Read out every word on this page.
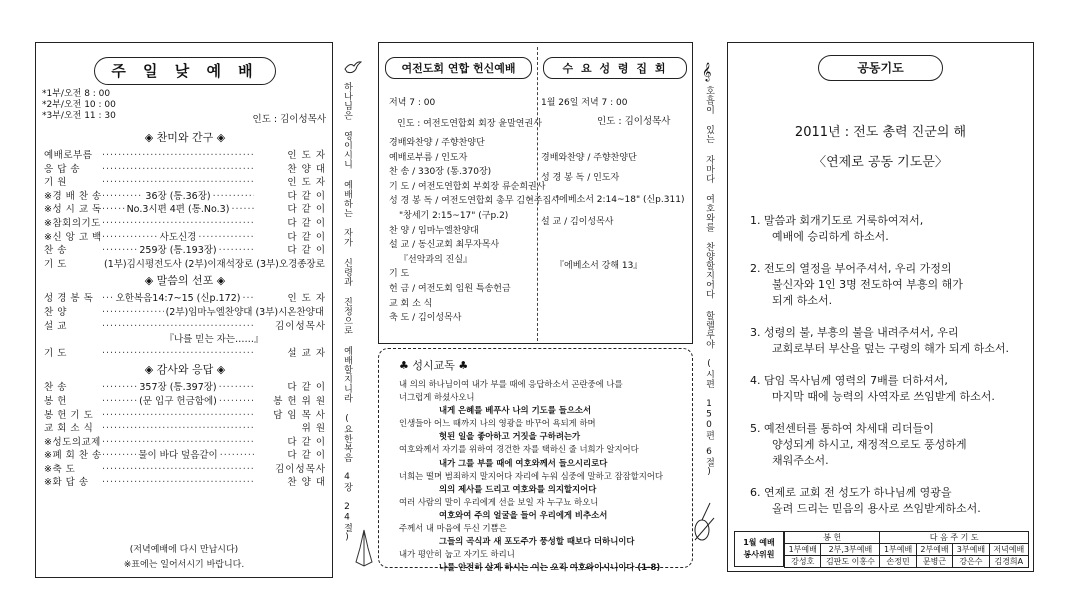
주 일 낮 예 배
*1부/오전 8 : 00
*2부/오전 10 : 00
*3부/오전 11 : 30	인도 : 김이성목사
◈ 찬미와 간구 ◈
예배로부름 ·····	인 도 자
응 답 송 ·····	찬 양 대
기 원 ·····	인 도 자
※경 배 찬 송 ·····	36장 (통.36장) ·····	다 같 이
※성 시 교 독 ·····	No.3시편 4편 (통.No.3) ·····	다 같 이
※참회의기도 ·····	다 같 이
※신 앙 고 백 ·····	사도신경 ·····	다 같 이
찬 송 ·····	259장 (통.193장) ·····	다 같 이
기 도	(1부)김시평전도사 (2부)이재석장로 (3부)오경종장로
◈ 말씀의 선포 ◈
성 경 봉 독 ·····	오한복음14:7~15 (신p.172) ·····	인 도 자
찬 양 ·····	(2부)임마누엘찬양대 (3부)시온찬양대
설 교 ·····	김이성목사
『나를 믿는 자는……』
기 도 ·····	설 교 자
◈ 감사와 응답 ◈
찬 송 ·····	357장 (통.397장) ·····	다 같 이
봉 헌 ·····	(문 입구 헌금함에) ·····	봉 헌 위 원
봉 헌 기 도 ·····	담 임 목 사
교 회 소 식 ·····	위 원
※성도의교제 ·····	다 같 이
※폐 회 찬 송 ·····	물이 바다 덮음같이 ·····	다 같 이
※축 도 ·····	김이성목사
※화 답 송 ·····	찬 양 대
(저녁예배에 다시 만납시다)
※표에는 일어서시기 바랍니다.
하나님은
영이시니
예배하는
자가
신령과
진정으로
예배할지니라
(요한복음
4장
24절)
여전도회 연합 헌신예배	수 요 성 령 집 회
저녁 7 : 00
인도 : 여전도연합회 회장 윤말연권사
경배와찬양 / 주향찬양단
예배로부름 / 인도자
찬 송 / 330장 (통.370장)
기 도 / 여전도연합회 부회장 류순희권사
성 경 봉 독 / 여전도연합회 총무 김현주집사
"창세기 2:15~17" (구p.2)
찬 양 / 임마누엘찬양대
설 교 / 동신교회 최무자목사
『선악과의 진실』
기 도
헌 금 / 여전도회 임원 특송헌금
교 회 소 식
축 도 / 김이성목사
1월 26일 저녁 7 : 00
인도 : 김이성목사
경배와찬양 / 주향찬양단
성 경 봉 독 / 인도자
"에베소서 2:14~18" (신p.311)
설 교 / 김이성목사
『에베소서 강해 13』
♣ 성시교독 ♣
내 의의 하나님이여 내가 부를 때에 응답하소서 곤란중에 나를
너그럽게 하셨사오니
내게 은혜를 베푸사 나의 기도를 들으소서
인생들아 어느 때까지 나의 영광을 바꾸어 욕되게 하며
헛된 일을 좋아하고 거짓을 구하려는가
여호와께서 자기를 위하여 경건한 자를 택하신 줄 너희가 알지어다
내가 그를 부를 때에 여호와께서 들으시리로다
너희는 떨며 범죄하지 말지어다 자리에 누워 심중에 말하고 잠잠할지어다
의의 제사를 드리고 여호와를 의지할지어다
여러 사람의 말이 우리에게 선을 보일 자 누구뇨 하오니
여호와여 주의 얼굴을 들어 우리에게 비추소서
주께서 내 마음에 두신 기쁨은
그들의 곡식과 새 포도주가 풍성할 때보다 더하니이다
내가 평안히 눕고 자기도 하리니
나를 안전히 살게 하시는 이는 오직 여호와이시니이다 (1-8)
𝄞
호흡이
있는
자마다
여호와를
찬양할지어다
할렐루야
(시편
150편
6절)
공동기도
2011년 : 전도 총력 진군의 해
〈연제로 공동 기도문〉
1. 말씀과 회개기도로 거룩하여져서,
예배에 승리하게 하소서.
2. 전도의 열정을 부어주셔서, 우리 가정의
불신자와 1인 3명 전도하여 부흥의 해가
되게 하소서.
3. 성령의 불, 부흥의 불을 내려주셔서, 우리
교회로부터 부산을 덮는 구령의 해가 되게 하소서.
4. 담임 목사님께 영력의 7배를 더하셔서,
마지막 때에 능력의 사역자로 쓰임받게 하소서.
5. 예전센터를 통하여 차세대 리더들이
양성되게 하시고, 재정적으로도 풍성하게
채워주소서.
6. 연제로 교회 전 성도가 하나님께 영광을
올려 드리는 믿음의 용사로 쓰임받게하소서.
1월 예배
봉사위원
봉 헌		다 음 주 기 도			
1부예배	2부,3부예배	1부예배	2부예배	3부예배	저녁예배
강성호	김판도 이홍수	손정민	문병근	강은수	김경희A
